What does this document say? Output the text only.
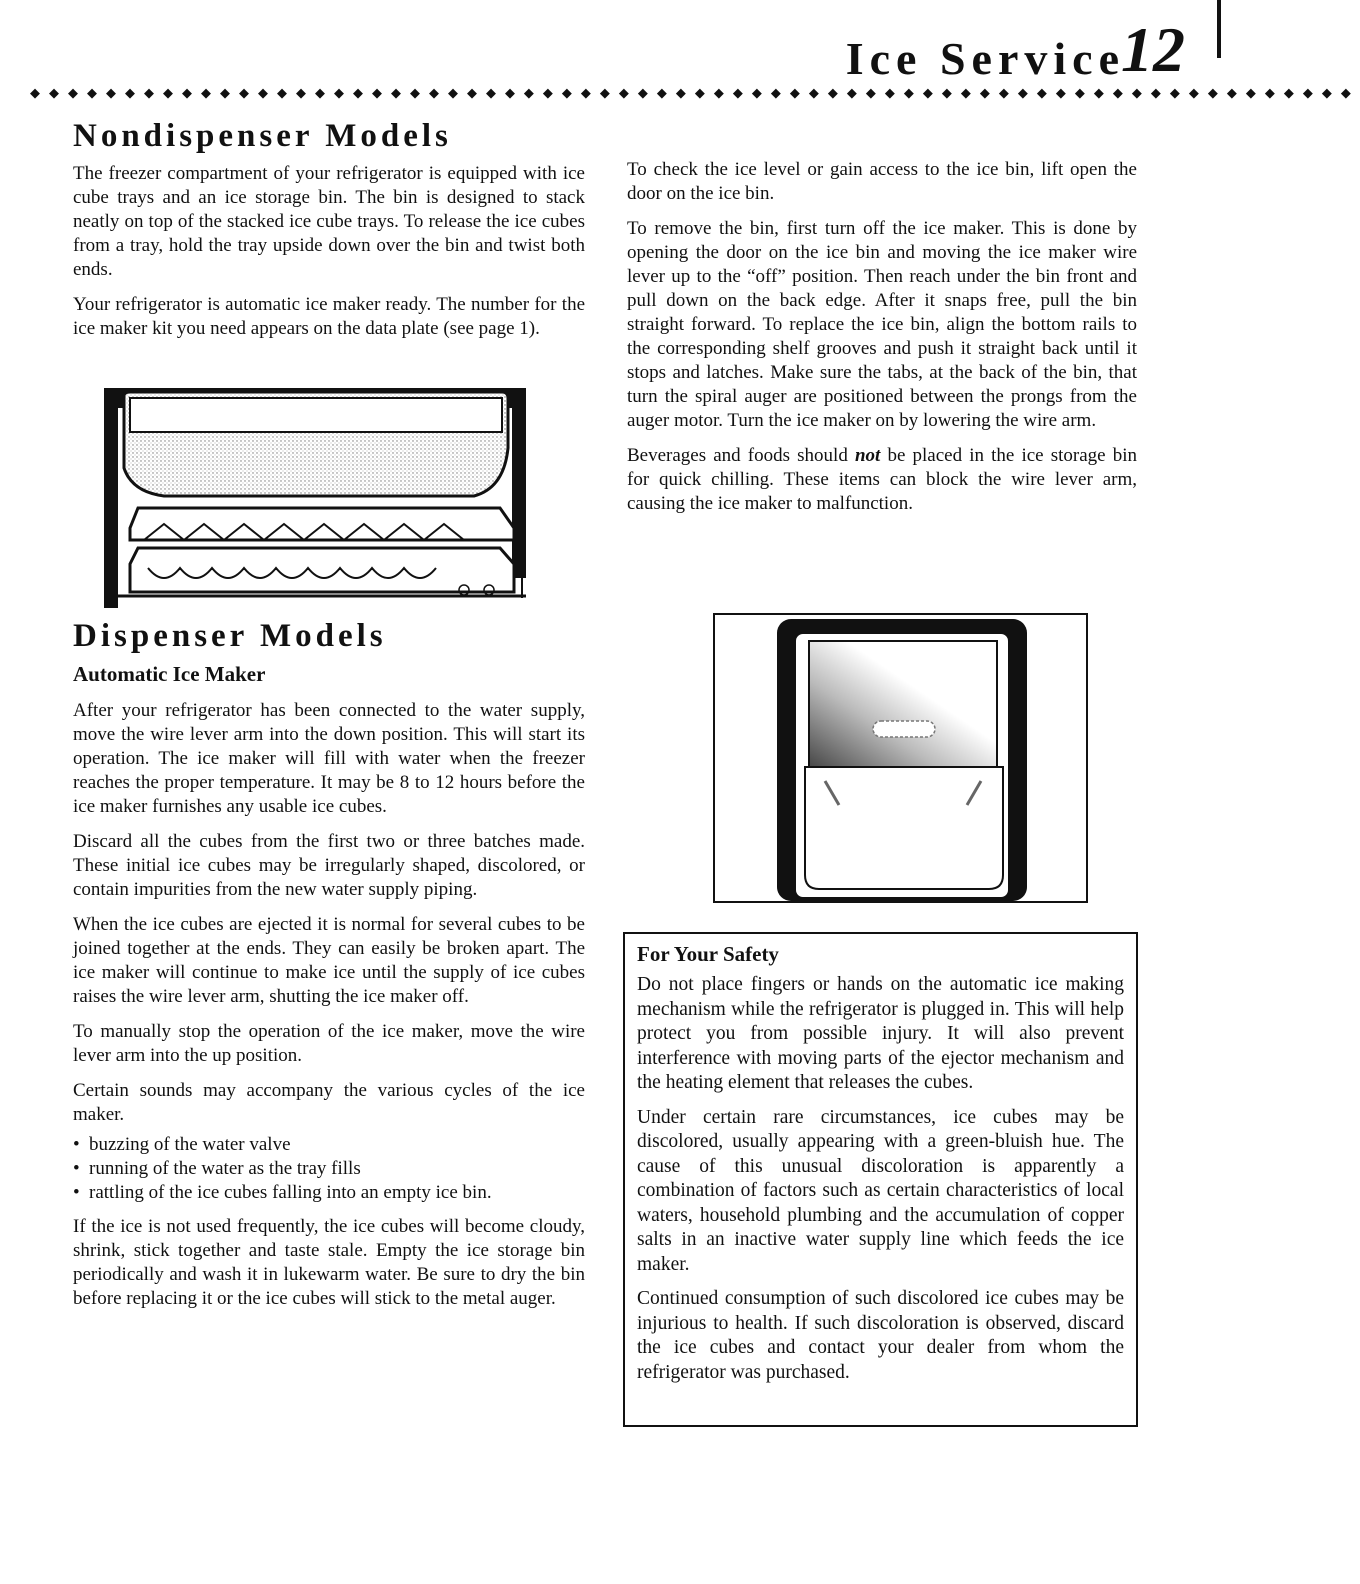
Ice Service
12
◆◆◆◆◆◆◆◆◆◆◆◆◆◆◆◆◆◆◆◆◆◆◆◆◆◆◆◆◆◆◆◆◆◆◆◆◆◆◆◆◆◆◆◆◆◆◆◆◆◆◆◆◆◆◆◆◆◆◆◆◆◆◆◆◆◆◆◆◆◆
Nondispenser Models

The freezer compartment of your refrigerator is equipped with ice cube trays and an ice storage bin. The bin is designed to stack neatly on top of the stacked ice cube trays. To release the ice cubes from a tray, hold the tray upside down over the bin and twist both ends.

Your refrigerator is automatic ice maker ready. The number for the ice maker kit you need appears on the data plate (see page 1).

Dispenser Models
Automatic Ice Maker

After your refrigerator has been connected to the water supply, move the wire lever arm into the down position. This will start its operation. The ice maker will fill with water when the freezer reaches the proper temperature. It may be 8 to 12 hours before the ice maker furnishes any usable ice cubes.

Discard all the cubes from the first two or three batches made. These initial ice cubes may be irregularly shaped, discolored, or contain impurities from the new water supply piping.

When the ice cubes are ejected it is normal for several cubes to be joined together at the ends. They can easily be broken apart. The ice maker will continue to make ice until the supply of ice cubes raises the wire lever arm, shutting the ice maker off.

To manually stop the operation of the ice maker, move the wire lever arm into the up position.

Certain sounds may accompany the various cycles of the ice maker.

• buzzing of the water valve
• running of the water as the tray fills
• rattling of the ice cubes falling into an empty ice bin.

If the ice is not used frequently, the ice cubes will become cloudy, shrink, stick together and taste stale. Empty the ice storage bin periodically and wash it in lukewarm water. Be sure to dry the bin before replacing it or the ice cubes will stick to the metal auger.

To check the ice level or gain access to the ice bin, lift open the door on the ice bin.

To remove the bin, first turn off the ice maker. This is done by opening the door on the ice bin and moving the ice maker wire lever up to the “off” position. Then reach under the bin front and pull down on the back edge. After it snaps free, pull the bin straight forward. To replace the ice bin, align the bottom rails to the corresponding shelf grooves and push it straight back until it stops and latches. Make sure the tabs, at the back of the bin, that turn the spiral auger are positioned between the prongs from the auger motor. Turn the ice maker on by lowering the wire arm.

Beverages and foods should not be placed in the ice storage bin for quick chilling. These items can block the wire lever arm, causing the ice maker to malfunction.

For Your Safety

Do not place fingers or hands on the automatic ice making mechanism while the refrigerator is plugged in. This will help protect you from possible injury. It will also prevent interference with moving parts of the ejector mechanism and the heating element that releases the cubes.

Under certain rare circumstances, ice cubes may be discolored, usually appearing with a green-bluish hue. The cause of this unusual discoloration is apparently a combination of factors such as certain characteristics of local waters, household plumbing and the accumulation of copper salts in an inactive water supply line which feeds the ice maker.

Continued consumption of such discolored ice cubes may be injurious to health. If such discoloration is observed, discard the ice cubes and contact your dealer from whom the refrigerator was purchased.
